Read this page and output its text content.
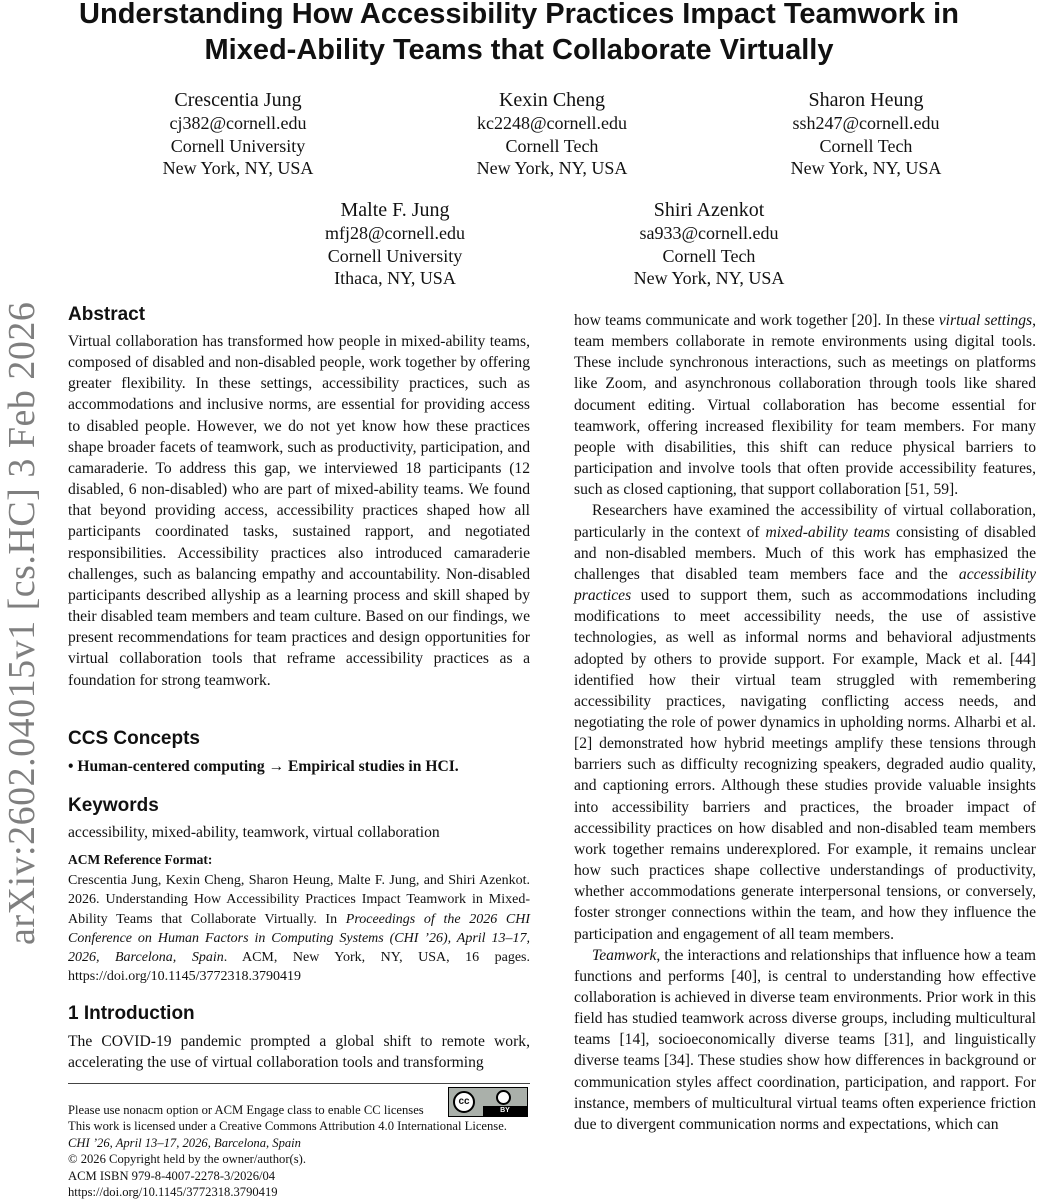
arXiv:2602.04015v1 [cs.HC] 3 Feb 2026
Understanding How Accessibility Practices Impact Teamwork in
Mixed-Ability Teams that Collaborate Virtually
Crescentia Jung
cj382@cornell.edu
Cornell University
New York, NY, USA
Kexin Cheng
kc2248@cornell.edu
Cornell Tech
New York, NY, USA
Sharon Heung
ssh247@cornell.edu
Cornell Tech
New York, NY, USA
Malte F. Jung
mfj28@cornell.edu
Cornell University
Ithaca, NY, USA
Shiri Azenkot
sa933@cornell.edu
Cornell Tech
New York, NY, USA
Abstract

Virtual collaboration has transformed how people in mixed-ability teams, composed of disabled and non-disabled people, work together by offering greater flexibility. In these settings, accessibility practices, such as accommodations and inclusive norms, are essential for providing access to disabled people. However, we do not yet know how these practices shape broader facets of teamwork, such as productivity, participation, and camaraderie. To address this gap, we interviewed 18 participants (12 disabled, 6 non-disabled) who are part of mixed-ability teams. We found that beyond providing access, accessibility practices shaped how all participants coordinated tasks, sustained rapport, and negotiated responsibilities. Accessibility practices also introduced camaraderie challenges, such as balancing empathy and accountability. Non-disabled participants described allyship as a learning process and skill shaped by their disabled team members and team culture. Based on our findings, we present recommendations for team practices and design opportunities for virtual collaboration tools that reframe accessibility practices as a foundation for strong teamwork.

CCS Concepts
• Human-centered computing → Empirical studies in HCI.
Keywords
accessibility, mixed-ability, teamwork, virtual collaboration
ACM Reference Format:
Crescentia Jung, Kexin Cheng, Sharon Heung, Malte F. Jung, and Shiri Azenkot. 2026. Understanding How Accessibility Practices Impact Teamwork in Mixed-Ability Teams that Collaborate Virtually. In Proceedings of the 2026 CHI Conference on Human Factors in Computing Systems (CHI ’26), April 13–17, 2026, Barcelona, Spain. ACM, New York, NY, USA, 16 pages. https://doi.org/10.1145/3772318.3790419
1 Introduction
The COVID-19 pandemic prompted a global shift to remote work, accelerating the use of virtual collaboration tools and transforming
cc
BY
Please use nonacm option or ACM Engage class to enable CC licenses
This work is licensed under a Creative Commons Attribution 4.0 International License.
CHI ’26, April 13–17, 2026, Barcelona, Spain
© 2026 Copyright held by the owner/author(s).
ACM ISBN 979-8-4007-2278-3/2026/04
https://doi.org/10.1145/3772318.3790419

how teams communicate and work together [20]. In these virtual settings, team members collaborate in remote environments using digital tools. These include synchronous interactions, such as meetings on platforms like Zoom, and asynchronous collaboration through tools like shared document editing. Virtual collaboration has become essential for teamwork, offering increased flexibility for team members. For many people with disabilities, this shift can reduce physical barriers to participation and involve tools that often provide accessibility features, such as closed captioning, that support collaboration [51, 59].

Researchers have examined the accessibility of virtual collaboration, particularly in the context of mixed-ability teams consisting of disabled and non-disabled members. Much of this work has emphasized the challenges that disabled team members face and the accessibility practices used to support them, such as accommodations including modifications to meet accessibility needs, the use of assistive technologies, as well as informal norms and behavioral adjustments adopted by others to provide support. For example, Mack et al. [44] identified how their virtual team struggled with remembering accessibility practices, navigating conflicting access needs, and negotiating the role of power dynamics in upholding norms. Alharbi et al. [2] demonstrated how hybrid meetings amplify these tensions through barriers such as difficulty recognizing speakers, degraded audio quality, and captioning errors. Although these studies provide valuable insights into accessibility barriers and practices, the broader impact of accessibility practices on how disabled and non-disabled team members work together remains underexplored. For example, it remains unclear how such practices shape collective understandings of productivity, whether accommodations generate interpersonal tensions, or conversely, foster stronger connections within the team, and how they influence the participation and engagement of all team members.

Teamwork, the interactions and relationships that influence how a team functions and performs [40], is central to understanding how effective collaboration is achieved in diverse team environments. Prior work in this field has studied teamwork across diverse groups, including multicultural teams [14], socioeconomically diverse teams [31], and linguistically diverse teams [34]. These studies show how differences in background or communication styles affect coordination, participation, and rapport. For instance, members of multicultural virtual teams often experience friction due to divergent communication norms and expectations, which can
